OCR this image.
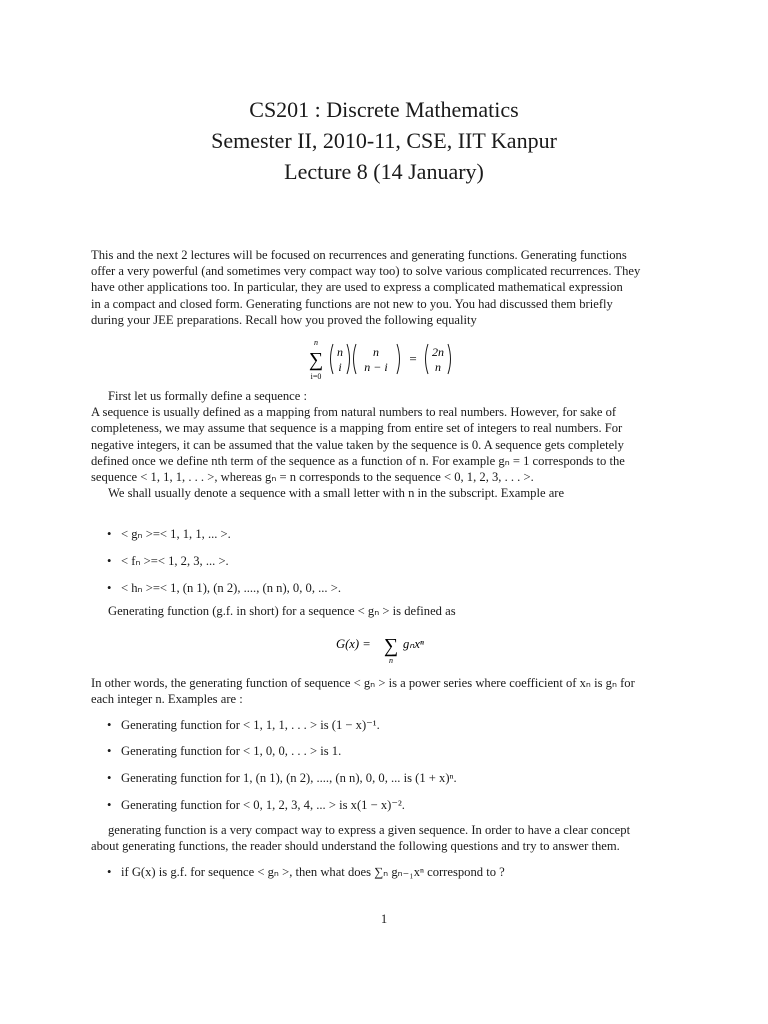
CS201 : Discrete Mathematics
Semester II, 2010-11, CSE, IIT Kanpur
Lecture 8 (14 January)
This and the next 2 lectures will be focused on recurrences and generating functions. Generating functions
offer a very powerful (and sometimes very compact way too) to solve various complicated recurrences. They
have other applications too. In particular, they are used to express a complicated mathematical expression
in a compact and closed form. Generating functions are not new to you. You had discussed them briefly
during your JEE preparations. Recall how you proved the following equality
n
∑
i=0
n
i
n
n − i
= 2n
n
First let us formally define a sequence :
A sequence is usually defined as a mapping from natural numbers to real numbers. However, for sake of
completeness, we may assume that sequence is a mapping from entire set of integers to real numbers. For
negative integers, it can be assumed that the value taken by the sequence is 0. A sequence gets completely
defined once we define nth term of the sequence as a function of n. For example gₙ = 1 corresponds to the
sequence < 1, 1, 1, . . . >, whereas gₙ = n corresponds to the sequence < 0, 1, 2, 3, . . . >.
We shall usually denote a sequence with a small letter with n in the subscript. Example are
• < gₙ >=< 1, 1, 1, ... >.
• < fₙ >=< 1, 2, 3, ... >.
• < hₙ >=< 1, (n 1), (n 2), ...., (n n), 0, 0, ... >.
Generating function (g.f. in short) for a sequence < gₙ > is defined as
G(x) = ∑
n
gₙxⁿ
In other words, the generating function of sequence < gₙ > is a power series where coefficient of xₙ is gₙ for
each integer n. Examples are :
• Generating function for < 1, 1, 1, . . . > is (1 − x)⁻¹.
• Generating function for < 1, 0, 0, . . . > is 1.
• Generating function for 1, (n 1), (n 2), ...., (n n), 0, 0, ... is (1 + x)ⁿ.
• Generating function for < 0, 1, 2, 3, 4, ... > is x(1 − x)⁻².
generating function is a very compact way to express a given sequence. In order to have a clear concept
about generating functions, the reader should understand the following questions and try to answer them.
• if G(x) is g.f. for sequence < gₙ >, then what does ∑ₙ gₙ₋₁xⁿ correspond to ?
1
